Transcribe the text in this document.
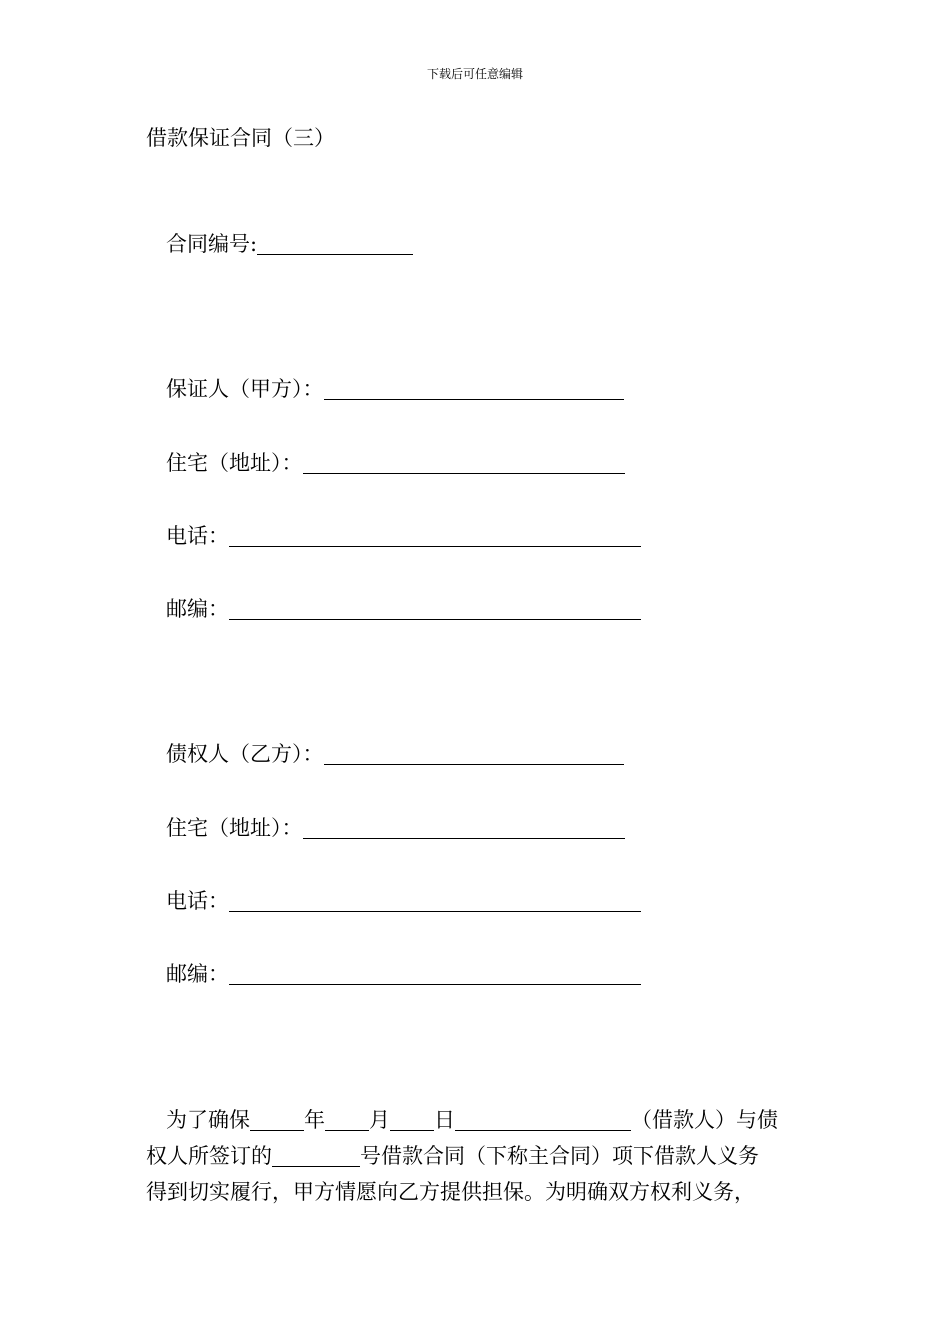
下载后可任意编辑
借款保证合同（三）
合同编号:
保证人（甲方）：
住宅（地址）：
电话：
邮编：
债权人（乙方）：
住宅（地址）：
电话：
邮编：
为了确保	年 月 日	（借款人）与债
权人所签订的	号借款合同（下称主合同）项下借款人义务
得到切实履行，甲方情愿向乙方提供担保。为明确双方权利义务，
